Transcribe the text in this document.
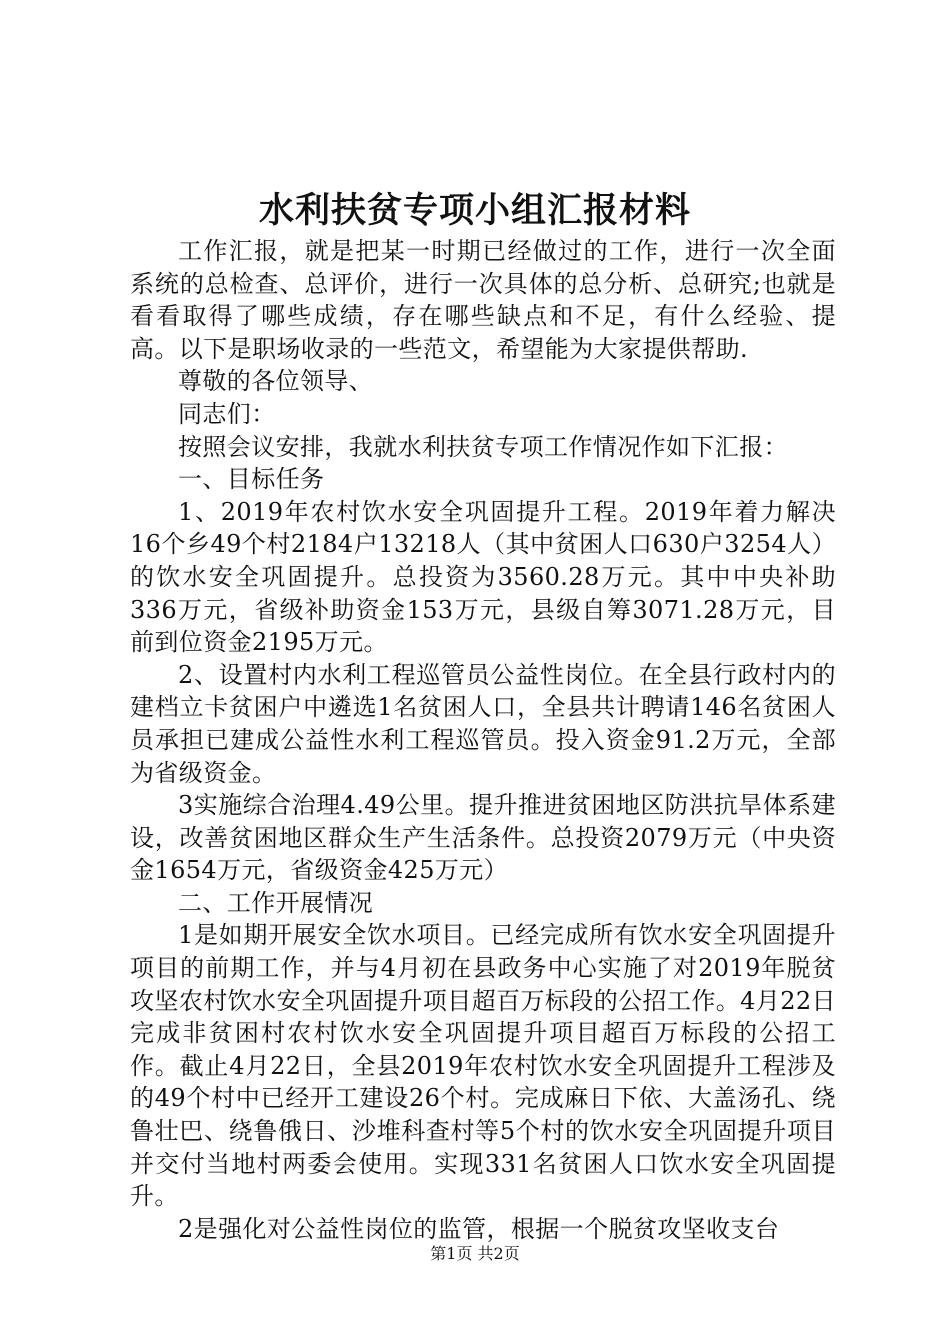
水利扶贫专项小组汇报材料

工作汇报，就是把某一时期已经做过的工作，进行一次全面系统的总检查、总评价，进行一次具体的总分析、总研究;也就是看看取得了哪些成绩，存在哪些缺点和不足，有什么经验、提高。以下是职场收录的一些范文，希望能为大家提供帮助.

尊敬的各位领导、

同志们：

按照会议安排，我就水利扶贫专项工作情况作如下汇报：

一、目标任务

1、2019年农村饮水安全巩固提升工程。2019年着力解决16个乡49个村2184户13218人（其中贫困人口630户3254人）的饮水安全巩固提升。总投资为3560.28万元。其中中央补助336万元，省级补助资金153万元，县级自筹3071.28万元，目前到位资金2195万元。

2、设置村内水利工程巡管员公益性岗位。在全县行政村内的建档立卡贫困户中遴选1名贫困人口，全县共计聘请146名贫困人员承担已建成公益性水利工程巡管员。投入资金91.2万元，全部为省级资金。

3实施综合治理4.49公里。提升推进贫困地区防洪抗旱体系建设，改善贫困地区群众生产生活条件。总投资2079万元（中央资金1654万元，省级资金425万元）

二、工作开展情况

1是如期开展安全饮水项目。已经完成所有饮水安全巩固提升项目的前期工作，并与4月初在县政务中心实施了对2019年脱贫攻坚农村饮水安全巩固提升项目超百万标段的公招工作。4月22日完成非贫困村农村饮水安全巩固提升项目超百万标段的公招工作。截止4月22日，全县2019年农村饮水安全巩固提升工程涉及的49个村中已经开工建设26个村。完成麻日下依、大盖汤孔、绕鲁壮巴、绕鲁俄日、沙堆科查村等5个村的饮水安全巩固提升项目并交付当地村两委会使用。实现331名贫困人口饮水安全巩固提升。

2是强化对公益性岗位的监管，根据一个脱贫攻坚收支台

第1页 共2页
